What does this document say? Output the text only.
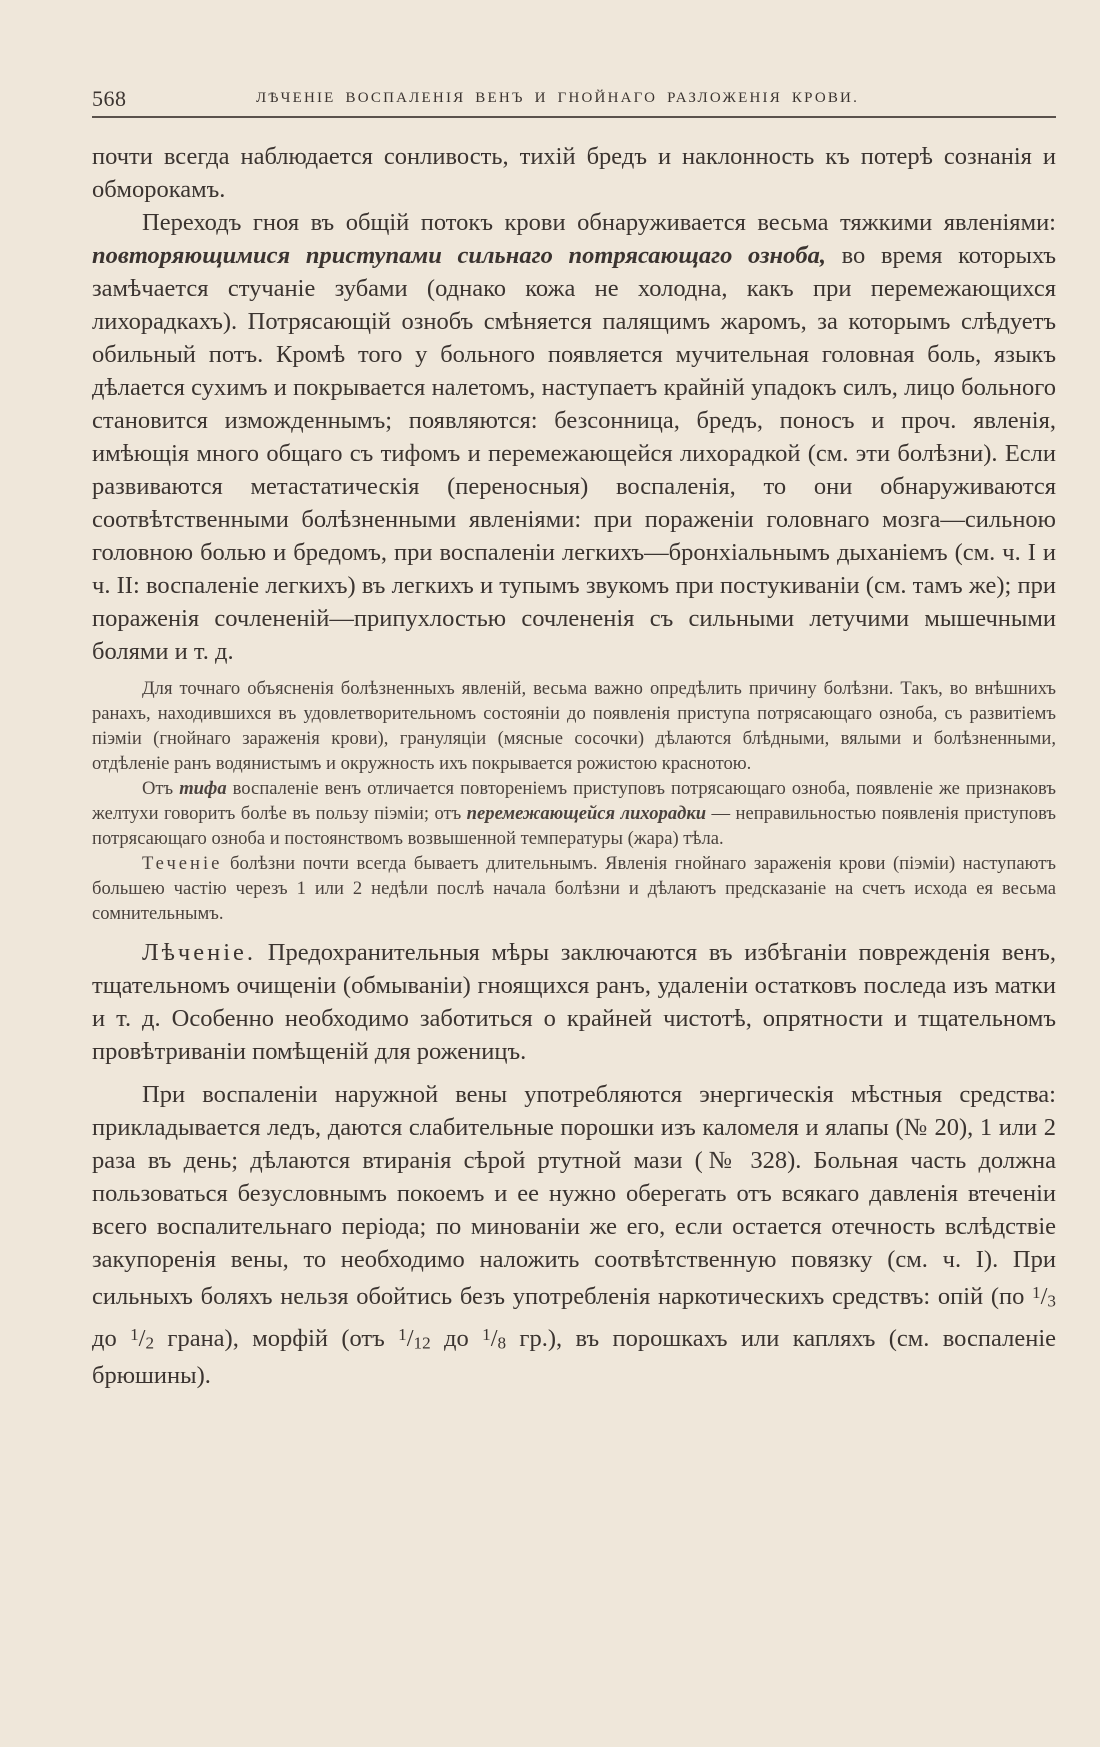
568	ЛѢЧЕНІЕ ВОСПАЛЕНІЯ ВЕНЪ И ГНОЙНАГО РАЗЛОЖЕНІЯ КРОВИ.

почти всегда наблюдается сонливость, тихій бредъ и наклонность къ потерѣ сознанія и обморокамъ.

Переходъ гноя въ общій потокъ крови обнаруживается весьма тяжкими явленіями: повторяющимися приступами сильнаго потрясающаго озноба, во время которыхъ замѣчается стучаніе зубами (однако кожа не холодна, какъ при перемежающихся лихорадкахъ). Потрясающій ознобъ смѣняется палящимъ жаромъ, за которымъ слѣдуетъ обильный потъ. Кромѣ того у больного появляется мучительная головная боль, языкъ дѣлается сухимъ и покрывается налетомъ, наступаетъ крайній упадокъ силъ, лицо больного становится изможденнымъ; появляются: безсонница, бредъ, поносъ и проч. явленія, имѣющія много общаго съ тифомъ и перемежающейся лихорадкой (см. эти болѣзни). Если развиваются метастатическія (переносныя) воспаленія, то они обнаруживаются соотвѣтственными болѣзненными явленіями: при пораженіи головнаго мозга—сильною головною болью и бредомъ, при воспаленіи легкихъ—бронхіальнымъ дыханіемъ (см. ч. I и ч. II: воспаленіе легкихъ) въ легкихъ и тупымъ звукомъ при постукиваніи (см. тамъ же); при пораженія сочлененій—припухлостью сочлененія съ сильными летучими мышечными болями и т. д.

Для точнаго объясненія болѣзненныхъ явленій, весьма важно опредѣлить причину болѣзни. Такъ, во внѣшнихъ ранахъ, находившихся въ удовлетворительномъ состояніи до появленія приступа потрясающаго озноба, съ развитіемъ піэміи (гнойнаго зараженія крови), грануляціи (мясные сосочки) дѣлаются блѣдными, вялыми и болѣзненными, отдѣленіе ранъ водянистымъ и окружность ихъ покрывается рожистою краснотою.

Отъ тифа воспаленіе венъ отличается повтореніемъ приступовъ потрясающаго озноба, появленіе же признаковъ желтухи говоритъ болѣе въ пользу піэміи; отъ перемежающейся лихорадки — неправильностью появленія приступовъ потрясающаго озноба и постоянствомъ возвышенной температуры (жара) тѣла.

Теченіе болѣзни почти всегда бываетъ длительнымъ. Явленія гнойнаго зараженія крови (піэміи) наступаютъ большею частію черезъ 1 или 2 недѣли послѣ начала болѣзни и дѣлаютъ предсказаніе на счетъ исхода ея весьма сомнительнымъ.

Лѣченіе. Предохранительныя мѣры заключаются въ избѣганіи поврежденія венъ, тщательномъ очищеніи (обмываніи) гноящихся ранъ, удаленіи остатковъ последа изъ матки и т. д. Особенно необходимо заботиться о крайней чистотѣ, опрятности и тщательномъ провѣтриваніи помѣщеній для роженицъ.

При воспаленіи наружной вены употребляются энергическія мѣстныя средства: прикладывается ледъ, даются слабительные порошки изъ каломеля и ялапы (№ 20), 1 или 2 раза въ день; дѣлаются втиранія сѣрой ртутной мази (№ 328). Больная часть должна пользоваться безусловнымъ покоемъ и ее нужно оберегать отъ всякаго давленія втеченіи всего воспалительнаго періода; по минованіи же его, если остается отечность вслѣдствіе закупоренія вены, то необходимо наложить соотвѣтственную повязку (см. ч. I). При сильныхъ боляхъ нельзя обойтись безъ употребленія наркотическихъ средствъ: опій (по $^1$/3 до $^1$/2 грана), морфій (отъ $^1$/12 до $^1$/8 гр.), въ порошкахъ или капляхъ (см. воспаленіе брюшины).
